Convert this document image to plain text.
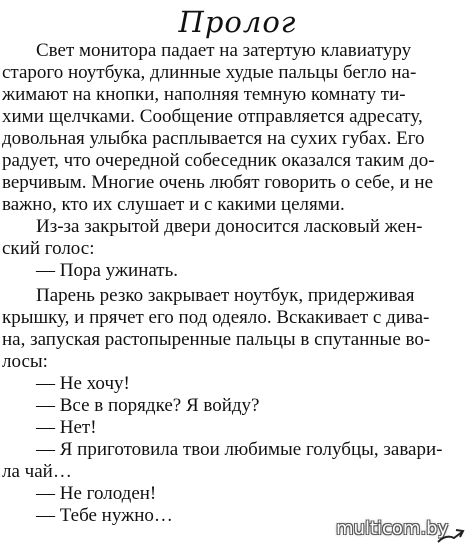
Пролог
Свет монитора падает на затертую клавиатуру
старого ноутбука, длинные худые пальцы бегло на-
жимают на кнопки, наполняя темную комнату ти-
хими щелчками. Сообщение отправляется адресату,
довольная улыбка расплывается на сухих губах. Его
радует, что очередной собеседник оказался таким до-
верчивым. Многие очень любят говорить о себе, и не
важно, кто их слушает и с какими целями.
Из-за закрытой двери доносится ласковый жен-
ский голос:
— Пора ужинать.
Парень резко закрывает ноутбук, придерживая
крышку, и прячет его под одеяло. Вскакивает с дива-
на, запуская растопыренные пальцы в спутанные во-
лосы:
— Не хочу!
— Все в порядке? Я войду?
— Нет!
— Я приготовила твои любимые голубцы, завари-
ла чай…
— Не голоден!
— Тебе нужно…
multicom.by
